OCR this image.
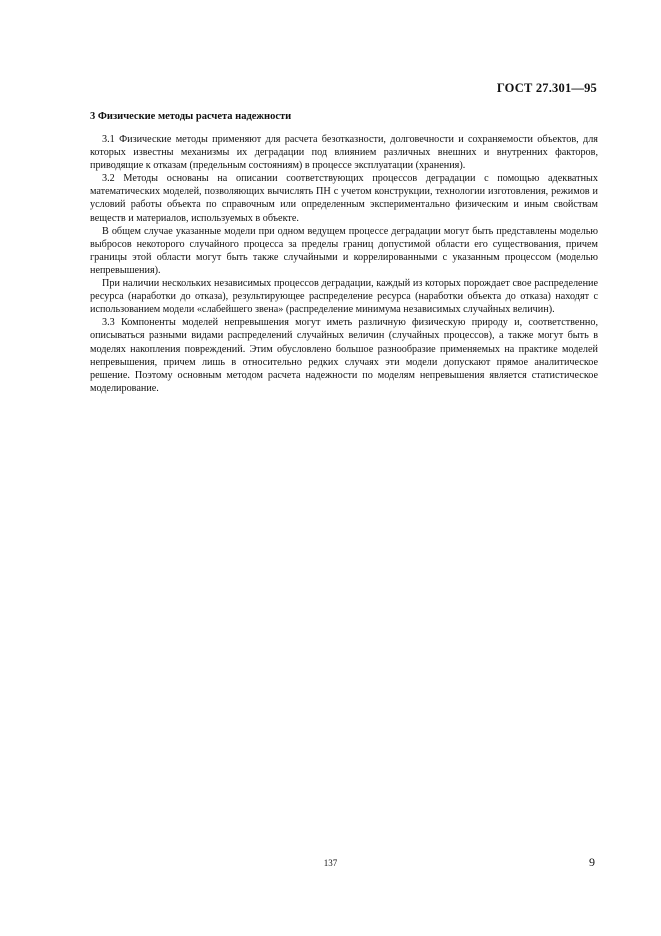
ГОСТ 27.301—95
3 Физические методы расчета надежности

3.1 Физические методы применяют для расчета безотказности, долговечности и сохраняемости объектов, для которых известны механизмы их деградации под влиянием различных внешних и внутренних факторов, приводящие к отказам (предельным состояниям) в процессе эксплуатации (хранения).

3.2 Методы основаны на описании соответствующих процессов деградации с помощью адекватных математических моделей, позволяющих вычислять ПН с учетом конструкции, технологии изготовления, режимов и условий работы объекта по справочным или определенным экспериментально физическим и иным свойствам веществ и материалов, используемых в объекте.

В общем случае указанные модели при одном ведущем процессе деградации могут быть представлены моделью выбросов некоторого случайного процесса за пределы границ допустимой области его существования, причем границы этой области могут быть также случайными и коррелированными с указанным процессом (моделью непревышения).

При наличии нескольких независимых процессов деградации, каждый из которых порождает свое распределение ресурса (наработки до отказа), результирующее распределение ресурса (наработки объекта до отказа) находят с использованием модели «слабейшего звена» (распределение минимума независимых случайных величин).

3.3 Компоненты моделей непревышения могут иметь различную физическую природу и, соответственно, описываться разными видами распределений случайных величин (случайных процессов), а также могут быть в моделях накопления повреждений. Этим обусловлено большое разнообразие применяемых на практике моделей непревышения, причем лишь в относительно редких случаях эти модели допускают прямое аналитическое решение. Поэтому основным методом расчета надежности по моделям непревышения является статистическое моделирование.

137	9
